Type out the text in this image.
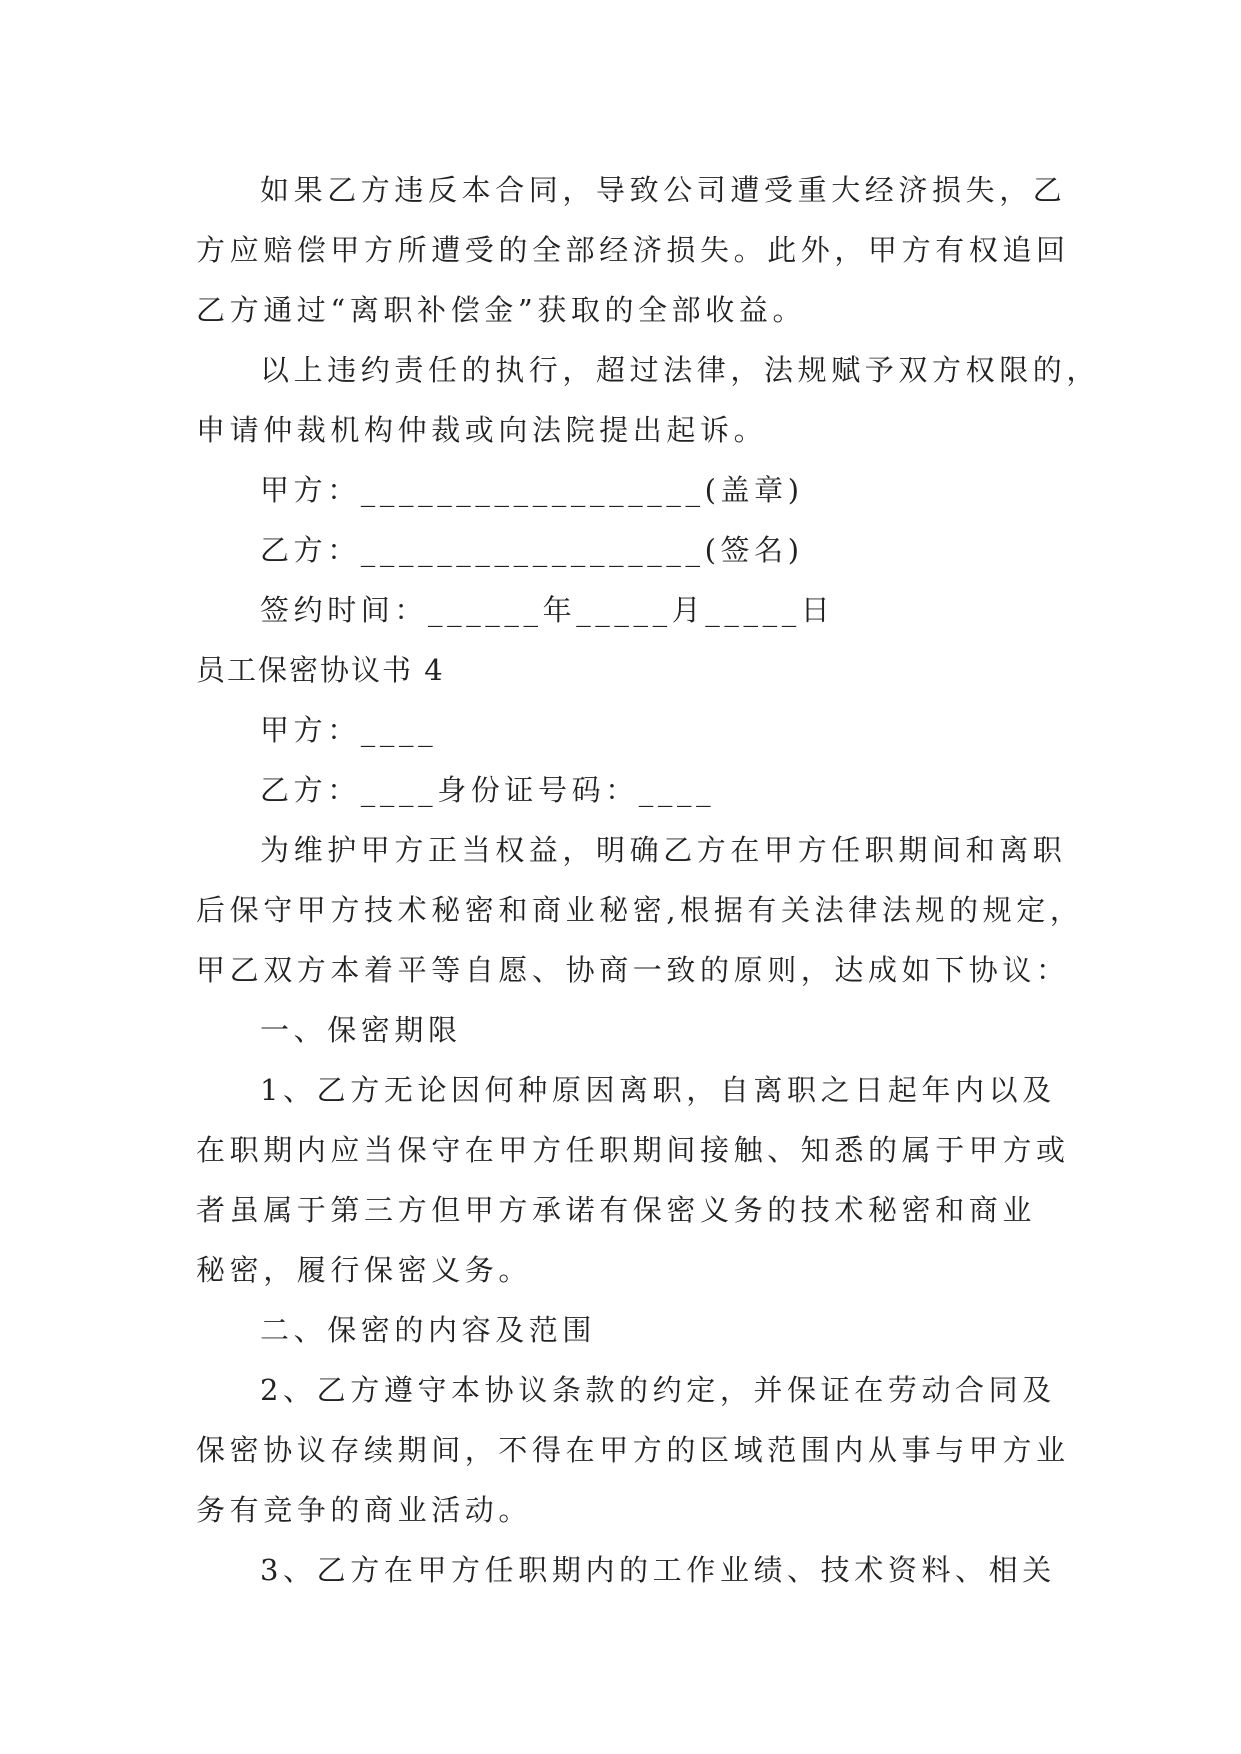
如果乙方违反本合同，导致公司遭受重大经济损失，乙
方应赔偿甲方所遭受的全部经济损失。此外，甲方有权追回
乙方通过“离职补偿金”获取的全部收益。
以上违约责任的执行，超过法律，法规赋予双方权限的，
申请仲裁机构仲裁或向法院提出起诉。
甲方：__________________(盖章)
乙方：__________________(签名)
签约时间：______年_____月_____日
员工保密协议书 4
甲方：____
乙方：____身份证号码：____
为维护甲方正当权益，明确乙方在甲方任职期间和离职
后保守甲方技术秘密和商业秘密,根据有关法律法规的规定，
甲乙双方本着平等自愿、协商一致的原则，达成如下协议：
一、保密期限
1、乙方无论因何种原因离职，自离职之日起年内以及
在职期内应当保守在甲方任职期间接触、知悉的属于甲方或
者虽属于第三方但甲方承诺有保密义务的技术秘密和商业
秘密，履行保密义务。
二、保密的内容及范围
2、乙方遵守本协议条款的约定，并保证在劳动合同及
保密协议存续期间，不得在甲方的区域范围内从事与甲方业
务有竞争的商业活动。
3、乙方在甲方任职期内的工作业绩、技术资料、相关
